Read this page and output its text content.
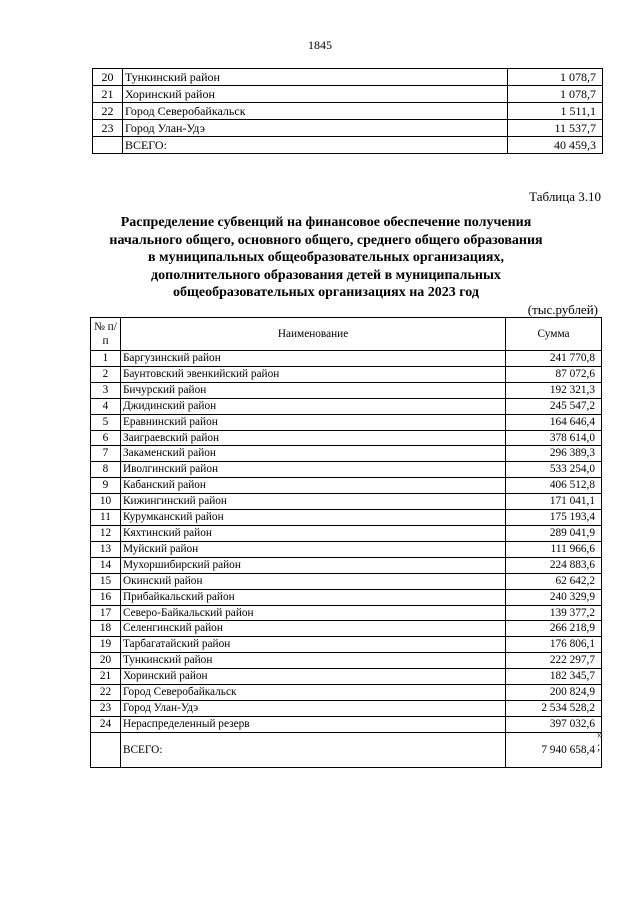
1845
20	Тункинский район	1 078,7
21	Хоринский район	1 078,7
22	Город Северобайкальск	1 511,1
23	Город Улан-Удэ	11 537,7
	ВСЕГО:	40 459,3
Таблица 3.10
Распределение субвенций на финансовое обеспечение получения
начального общего, основного общего, среднего общего образования
в муниципальных общеобразовательных организациях,
дополнительного образования детей в муниципальных
общеобразовательных организациях на 2023 год
(тыс.рублей)
№ п/п	Наименование	Сумма
1	Баргузинский район	241 770,8
2	Баунтовский эвенкийский район	87 072,6
3	Бичурский район	192 321,3
4	Джидинский район	245 547,2
5	Еравнинский район	164 646,4
6	Заиграевский район	378 614,0
7	Закаменский район	296 389,3
8	Иволгинский район	533 254,0
9	Кабанский район	406 512,8
10	Кижингинский район	171 041,1
11	Курумканский район	175 193,4
12	Кяхтинский район	289 041,9
13	Муйский район	111 966,6
14	Мухоршибирский район	224 883,6
15	Окинский район	62 642,2
16	Прибайкальский район	240 329,9
17	Северо-Байкальский район	139 377,2
18	Селенгинский район	266 218,9
19	Тарбагатайский район	176 806,1
20	Тункинский район	222 297,7
21	Хоринский район	182 345,7
22	Город Северобайкальск	200 824,9
23	Город Улан-Удэ	2 534 528,2
24	Нераспределенный резерв	397 032,6
	ВСЕГО:	7 940 658,4
»
;
